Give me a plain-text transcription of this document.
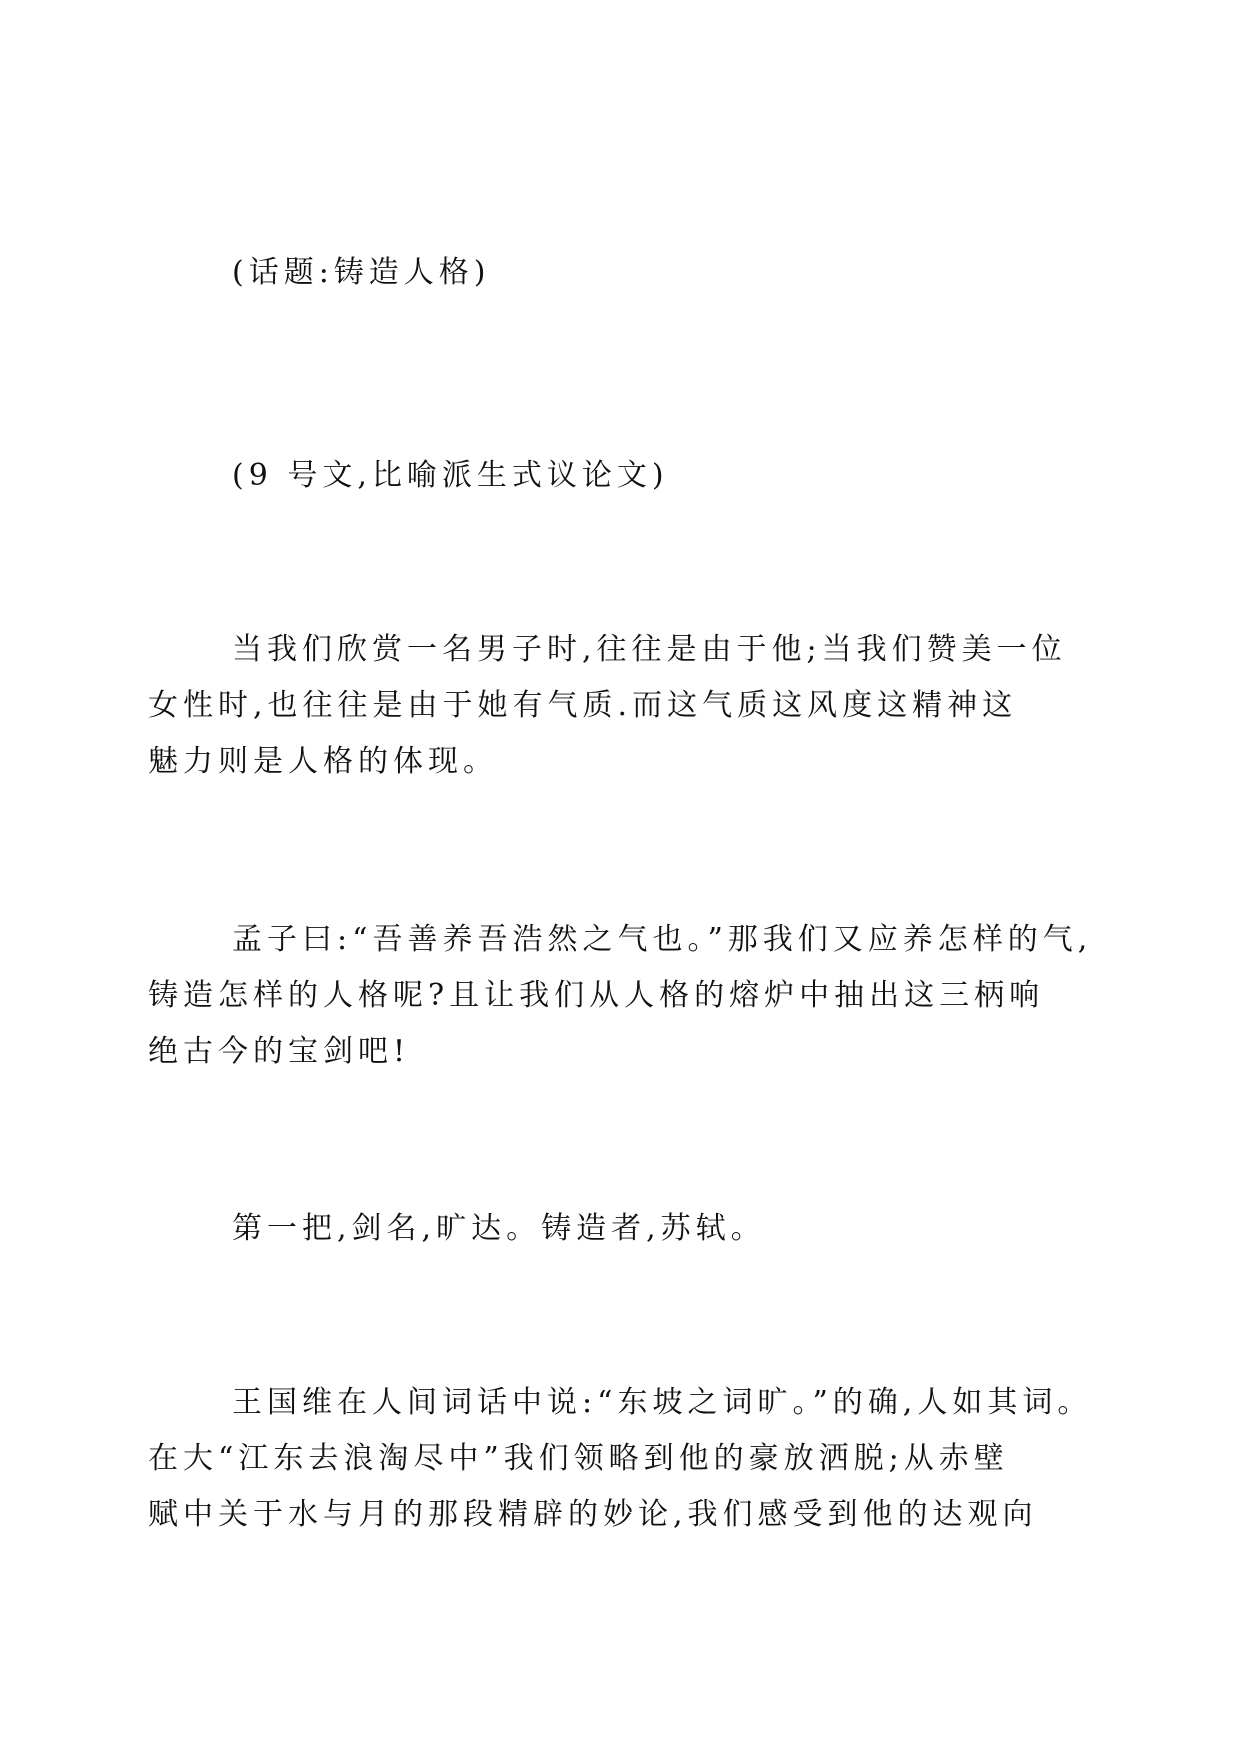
(话题:铸造人格)

(9 号文,比喻派生式议论文)

当我们欣赏一名男子时,往往是由于他;当我们赞美一位
女性时,也往往是由于她有气质.而这气质这风度这精神这
魅力则是人格的体现。

孟子曰:“吾善养吾浩然之气也。”那我们又应养怎样的气,
铸造怎样的人格呢?且让我们从人格的熔炉中抽出这三柄响
绝古今的宝剑吧!

第一把,剑名,旷达。铸造者,苏轼。

王国维在人间词话中说:“东坡之词旷。”的确,人如其词。
在大“江东去浪淘尽中”我们领略到他的豪放洒脱;从赤壁
赋中关于水与月的那段精辟的妙论,我们感受到他的达观向
